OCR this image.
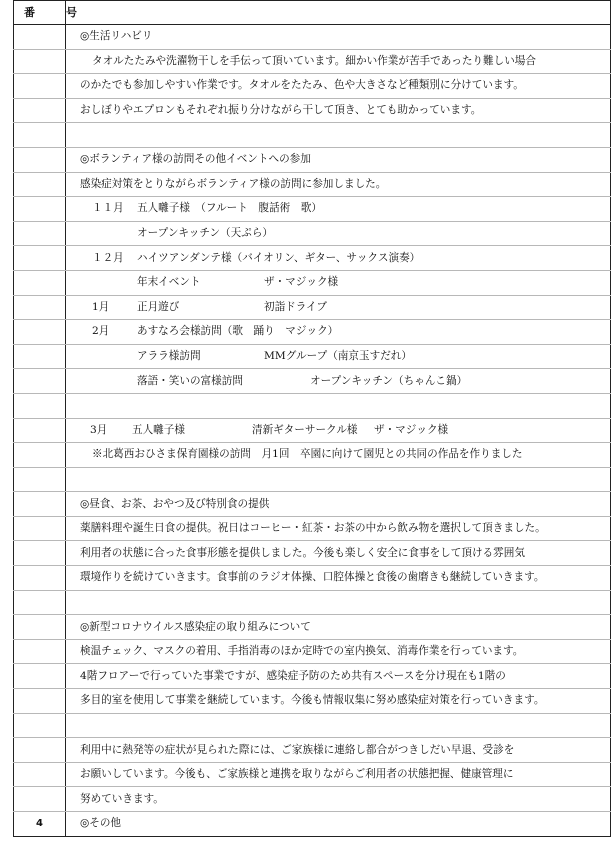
番　号	
	◎生活リハビリ
	タオルたたみや洗濯物干しを手伝って頂いています。細かい作業が苦手であったり難しい場合
	のかたでも参加しやすい作業です。タオルをたたみ、色や大きさなど種類別に分けています。
	おしぼりやエプロンもそれぞれ振り分けながら干して頂き、とても助かっています。

	◎ボランティア様の訪問その他イベントへの参加
	感染症対策をとりながらボランティア様の訪問に参加しました。
	１１月 五人囃子様　（フルート　腹話術　歌）
	オープンキッチン（天ぷら）
	１２月 ハイツアンダンテ様（バイオリン、ギター、サックス演奏）
	年末イベント ザ・マジック様
	1月 正月遊び 初詣ドライブ
	2月 あすなろ会様訪問（歌　踊り　マジック）
	アララ様訪問 MMグループ（南京玉すだれ）
	落語・笑いの富様訪問 オープンキッチン（ちゃんこ鍋）

	3月 五人囃子様 清新ギターサークル様 ザ・マジック様
	※北葛西おひさま保育園様の訪問　月1回　卒園に向けて園児との共同の作品を作りました

	◎昼食、お茶、おやつ及び特別食の提供
	薬膳料理や誕生日食の提供。祝日はコーヒー・紅茶・お茶の中から飲み物を選択して頂きました。
	利用者の状態に合った食事形態を提供しました。今後も楽しく安全に食事をして頂ける雰囲気
	環境作りを続けていきます。食事前のラジオ体操、口腔体操と食後の歯磨きも継続していきます。

	◎新型コロナウイルス感染症の取り組みについて
	検温チェック、マスクの着用、手指消毒のほか定時での室内換気、消毒作業を行っています。
	4階フロアーで行っていた事業ですが、感染症予防のため共有スペースを分け現在も1階の
	多目的室を使用して事業を継続しています。今後も情報収集に努め感染症対策を行っていきます。

	利用中に熱発等の症状が見られた際には、ご家族様に連絡し都合がつきしだい早退、受診を
	お願いしています。今後も、ご家族様と連携を取りながらご利用者の状態把握、健康管理に
	努めていきます。
4	◎その他
